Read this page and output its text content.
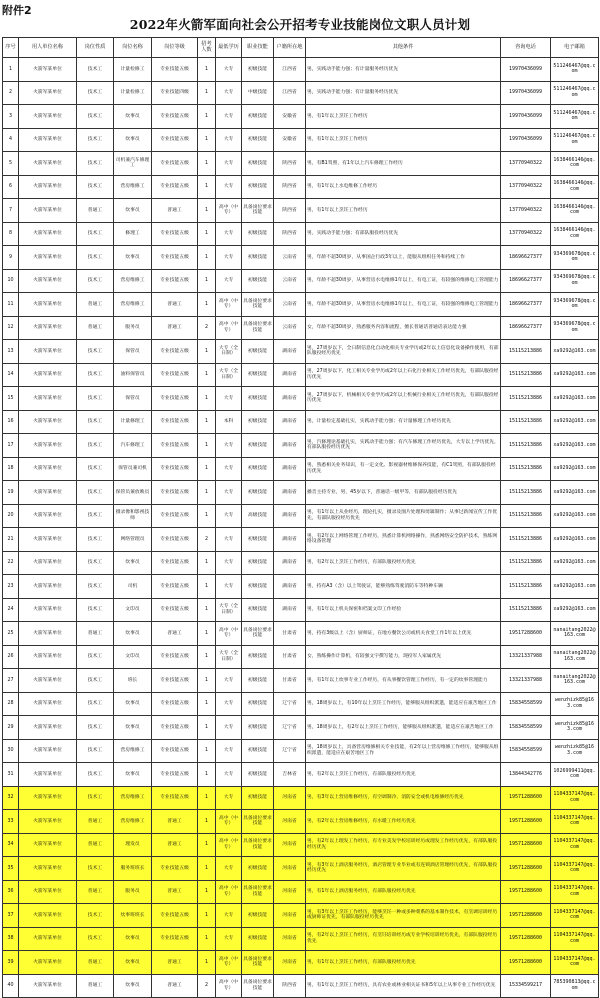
附件2
2022年火箭军面向社会公开招考专业技能岗位文职人员计划
序号	用人单位名称	岗位性质	岗位名称	岗位等级	招考人数	最低学历	职业技能	户籍所在地	其他条件	咨询电话	电子邮箱
1	火箭军某单位	技术工	计量检修工	专业技能五级	1	大专	初级技能	江西省	男，实践动手能力强；有计量服务经历优先	19970436099	511246467@qq.com
2	火箭军某单位	技术工	计量检修工	专业技能四级	1	大专	中级技能	江西省	男，实践动手能力强；有计量服务经历优先	19970436099	511246467@qq.com
3	火箭军某单位	技术工	炊事员	专业技能五级	1	大专	初级技能	安徽省	男，有1年以上烹饪工作经历	19970436099	511246467@qq.com
4	火箭军某单位	技术工	炊事员	专业技能五级	1	大专	初级技能	安徽省	男，有1年以上烹饪工作经历	19970436099	511246467@qq.com
5	火箭军某单位	技术工	司机兼汽车修理工	专业技能五级	1	大专	初级技能	陕西省	男，有B1驾照，有1年以上汽车修理工作经历	13770940322	1638466146@qq.com
6	火箭军某单位	技术工	营房维修工	专业技能五级	1	大专	初级技能	陕西省	男，有1年以上水电维修工作经历	13770940322	1638466146@qq.com
7	火箭军某单位	普通工	炊事员	普通工	1	高中（中专）	具备岗位要求技能	陕西省	男，有1年以上烹饪工作经历	13770940322	1638466146@qq.com
8	火箭军某单位	技术工	修理工	专业技能五级	1	大专	初级技能	陕西省	男，实践动手能力强；有部队服役经历优先	13770940322	1638466146@qq.com
9	火箭军某单位	技术工	炊事员	专业技能五级	1	大专	初级技能	云南省	男，年龄不超30周岁，从事国企行政3年以上，能服从组织任务和持续工作	18696627377	934369678@qq.com
10	火箭军某单位	技术工	营房维修工	专业技能五级	1	大专	初级技能	云南省	男，年龄不超30周岁，从事营房水电维修1年以上，有电工证，有较强的维修电工管理能力	18696627377	934369678@qq.com
11	火箭军某单位	普通工	营房维修工	普通工	1	高中（中专）	具备岗位要求技能	云南省	男，年龄不超30周岁，从事营房水电维修1年以上，有电工证，有较强的维修电工管理能力	18696627377	934369678@qq.com
12	火箭军某单位	普通工	服务员	普通工	2	高中（中专）	具备岗位要求技能	云南省	女，年龄不超30周岁，熟悉服务内容和流程，擅长普通话普通话表达能力强	18696627377	934369678@qq.com
13	火箭军某单位	技术工	保管员	专业技能五级	1	大专（全日制）	初级技能	湖南省	男，27周岁以下，全日制信息化自动化相关专业学历或2年以上信息化设备操作使用，有部队服役经历优先	15115213886	xa9292@163.com
14	火箭军某单位	技术工	油料保管员	专业技能五级	1	大专（全日制）	初级技能	湖南省	男，27周岁以下，化工相关专业学历或2年以上石化行业相关工作经历优先，有部队服役经历优先	15115213886	xa9292@163.com
15	火箭军某单位	技术工	保管员	专业技能五级	1	大专	初级技能	湖南省	男，27周岁以下，机械相关专业学历或2年以上机械行业相关工作经历优先，有部队服役经历优先	15115213886	xa9292@163.com
16	火箭军某单位	技术工	计量修理工	专业技能五级	1	本科	初级技能	湖南省	男，计量检定基础扎实，实践动手能力强；有计量修理工作经历优先	15115213886	xa9292@163.com
17	火箭军某单位	技术工	汽车修理工	专业技能五级	1	大专	初级技能	湖南省	男，汽修理论基础扎实，实践动手能力强；有汽车修理工作经历优先，大专以上学历优先，有部队服役经历优先	15115213886	xa9292@163.com
18	火箭军某单位	技术工	保管员兼司机	专业技能五级	1	大专	初级技能	湖南省	男，熟悉相关业务知识，有一定文化、影视器材维修保养技能，有C1驾照，有部队服役经历优先	15115213886	xa9292@163.com
19	火箭军某单位	技术工	保管员兼放映员	专业技能五级	1	大专	初级技能	湖南省	播音主持专业，男，45岁以下，普通话一级甲等，有部队服役经历优先	15115213886	xa9292@163.com
20	火箭军某单位	技术工	摄录像和影视技师	专业技能五级	1	大专	高级技能	湖南省	男，有1年以上从业经历，理论扎实，摄录及图片处理和剪辑制作；从事过新闻宣传工作优先，有部队服役经历优先	15115213886	xa9292@163.com
21	火箭军某单位	技术工	网络管理员	专业技能五级	2	大专	初级技能	湖南省	男，有2年以上网络管理工作经历，熟悉计算机网络操作，熟悉网络安全防护技术，熟练网络设备管理	15115213886	xa9292@163.com
22	火箭军某单位	技术工	炊事员	专业技能五级	1	大专	初级技能	湖南省	男，有2年以上烹饪工作经历，有部队服役经历优先	15115213886	xa9292@163.com
23	火箭军某单位	技术工	司机	专业技能五级	1	大专	初级技能	湖南省	男，持有A3（含）以上驾驶证，能够熟练驾驶消防车等特种车辆	15115213886	xa9292@163.com
24	火箭军某单位	技术工	文印员	专业技能五级	1	大专（全日制）	初级技能	湖南省	男，有1年以上机关保密和档案文印工作经验	15115213886	xa9292@163.com
25	火箭军某单位	普通工	炊事员	普通工	1	高中（中专）	具备岗位要求技能	甘肃省	男，持有3级以上（含）厨师证，在地方餐饮公司或机关食堂工作1年以上优先	19517288600	nanaitang2022@163.com
26	火箭军某单位	技术工	文印员	专业技能五级	1	大专（全日制）	初级技能	甘肃省	女，熟练操作计算机，有较强文字撰写能力，现役军人家属优先	13321337988	nanaitang2022@163.com
27	火箭军某单位	技术工	班长	专业技能五级	1	大专	初级技能	甘肃省	男，有1年以上炊事专业工作经历，有从事餐饮管理工作经历，有一定的炊事管理能力	13321337988	nanaitang2022@163.com
28	火箭军某单位	技术工	炊事员	专业技能五级	1	大专	初级技能	辽宁省	男，18周岁以上，有10年以上烹饪工作经历，能够服从组织派遣，能适应在艰苦地区工作	15834558599	wenzhizk85@163.com
29	火箭军某单位	技术工	炊事员	专业技能五级	1	大专	初级技能	辽宁省	男，18周岁以上，有2年以上烹饪工作经历，能够服从组织派遣，能适应在艰苦地区工作	15834558599	wenzhizk85@163.com
30	火箭军某单位	技术工	营房维修工	专业技能五级	1	大专	初级技能	辽宁省	男，18周岁以上，具备营房维修相关专业技能，有2年以上营房维修工作经历，能够服从组织派遣，能适应在艰苦地区工作	15834558599	wenzhizk85@163.com
31	火箭军某单位	技术工	炊事员	专业技能五级	1	大专	初级技能	吉林省	男，有2年以上烹饪工作经历，有部队服役经历优先	13844342776	1026999411@qq.com
32	火箭军某单位	技术工	营房维修工	专业技能五级	1	大专	初级技能	河南省	男，有3年以上营房维修经历，有空调制冷、消防安全或机电维修经历优先	19571288600	1104337147@qq.com
33	火箭军某单位	普通工	营房维修工	普通工	1	高中（中专）	具备岗位要求技能	河南省	男，有2年以上营房维修经历，有水暖工作经历优先	19571288600	1104337147@qq.com
34	火箭军某单位	普通工	理发员	普通工	1	高中（中专）	具备岗位要求技能	河南省	男，有2年以上理发工作经历，有专业美发学校培训经历或理发工作经历优先，有部队服役经历优先	19571288600	1104337147@qq.com
35	火箭军某单位	技术工	服务班班长	专业技能五级	1	大专	初级技能	河南省	男，有3年以上酒店服务经历，酒店管理专业毕业或有连锁酒店管理经历优先，有部队服役经历优先	19571288600	1104337147@qq.com
36	火箭军某单位	普通工	服务员	普通工	1	高中（中专）	具备岗位要求技能	河南省	男，有1年以上酒店服务经历，有部队服役经历优先	19571288600	1104337147@qq.com
37	火箭军某单位	技术工	炊事班班长	专业技能五级	1	大专	初级技能	河南省	男，有3年以上烹饪工作经历，能够烹饪一种或多种菜系的基本制作技术，有烹调培训经历或厨师证优先，有部队服役经历优先	19571288600	1104337147@qq.com
38	火箭军某单位	技术工	炊事员	专业技能五级	1	大专	初级技能	河南省	男，有2年以上烹饪工作经历，有烹饪培训经历或专业学校培训经历优先，有部队服役经历优先	19571288600	1104337147@qq.com
39	火箭军某单位	普通工	炊事员	普通工	1	高中（中专）	具备岗位要求技能	河南省	男，有1年以上烹饪工作经历，有部队服役经历优先	19571288600	1104337147@qq.com
40	火箭军某单位	普通工	炊事员	普通工	2	高中（中专）	具备岗位要求技能	陕西省	男，有1年以上烹饪工作经历，具有农业或林业相关证书和5年以上从事专业工作经历优先	15334599217	785390813@qq.com
